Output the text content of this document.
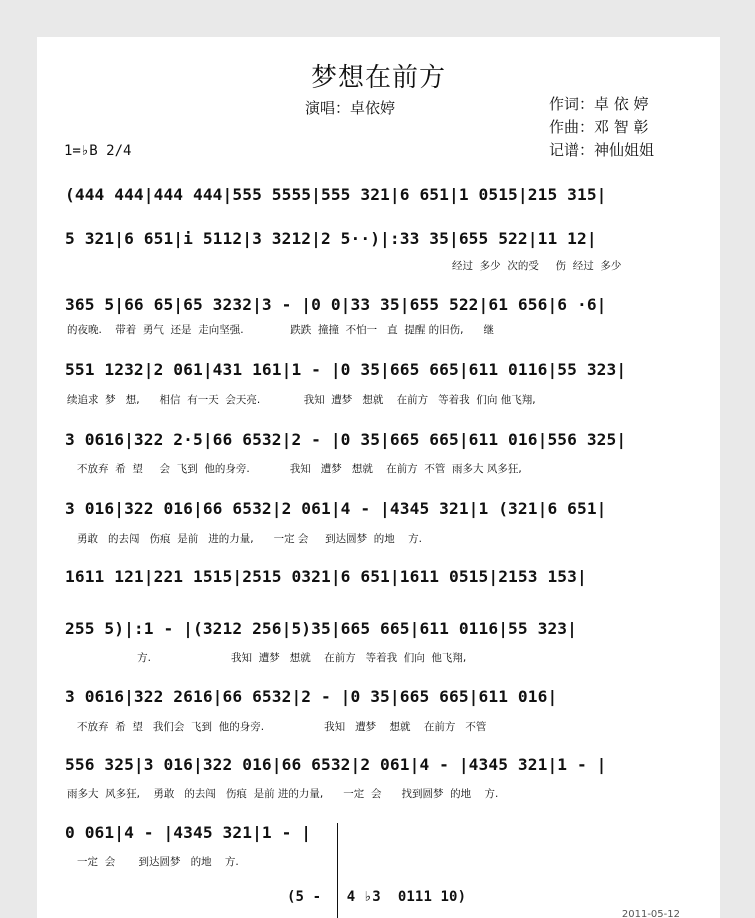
梦想在前方
演唱：卓依婷	作词：卓 依 婷
作曲：邓 智 彰
记谱：神仙姐姐
1=♭B 2/4
(444 444|444 444|555 5555|555 321|6 651|1 0515|215 315|
5 321|6 651|i 5112|3 3212|2 5··)|:33 35|655 522|11 12|
经过  多少  次的受     伤  经过  多少
365 5|66 65|65 3232|3 - |0 0|33 35|655 522|61 656|6 ·6|
的夜晚.    带着  勇气  还是  走向坚强.              跌跌  撞撞  不怕一   直  提醒 的旧伤,      继
551 1232|2 061|431 161|1 - |0 35|665 665|611 0116|55 323|
续追求  梦   想,      相信  有一天  会天亮.             我知  遭梦   想就    在前方   等着我  们向 他飞翔,
3 0616|322 2·5|66 6532|2 - |0 35|665 665|611 016|556 325|
不放弃  希  望     会  飞到  他的身旁.            我知   遭梦   想就    在前方  不管  雨多大 风多狂,
3 016|322 016|66 6532|2 061|4 - |4345 321|1 (321|6 651|
勇敢   的去闯   伤痕  是前   进的力量,      一定 会     到达圆梦  的地    方.
1611 121|221 1515|2515 0321|6 651|1611 0515|2153 153|
255 5)|:1 - |(3212 256|5)35|665 665|611 0116|55 323|
方.                        我知  遭梦   想就    在前方   等着我  们向  他飞翔,
3 0616|322 2616|66 6532|2 - |0 35|665 665|611 016|
不放弃  希  望   我们会  飞到  他的身旁.                  我知   遭梦    想就    在前方   不管
556 325|3 016|322 016|66 6532|2 061|4 - |4345 321|1 - |
雨多大  风多狂,    勇敢   的去闯   伤痕  是前 进的力量,      一定  会      找到圆梦  的地    方.
0 061|4 - |4345 321|1 - |
一定  会       到达圆梦   的地    方.
(5 -   4 ♭3  0111 10)
2011-05-12
